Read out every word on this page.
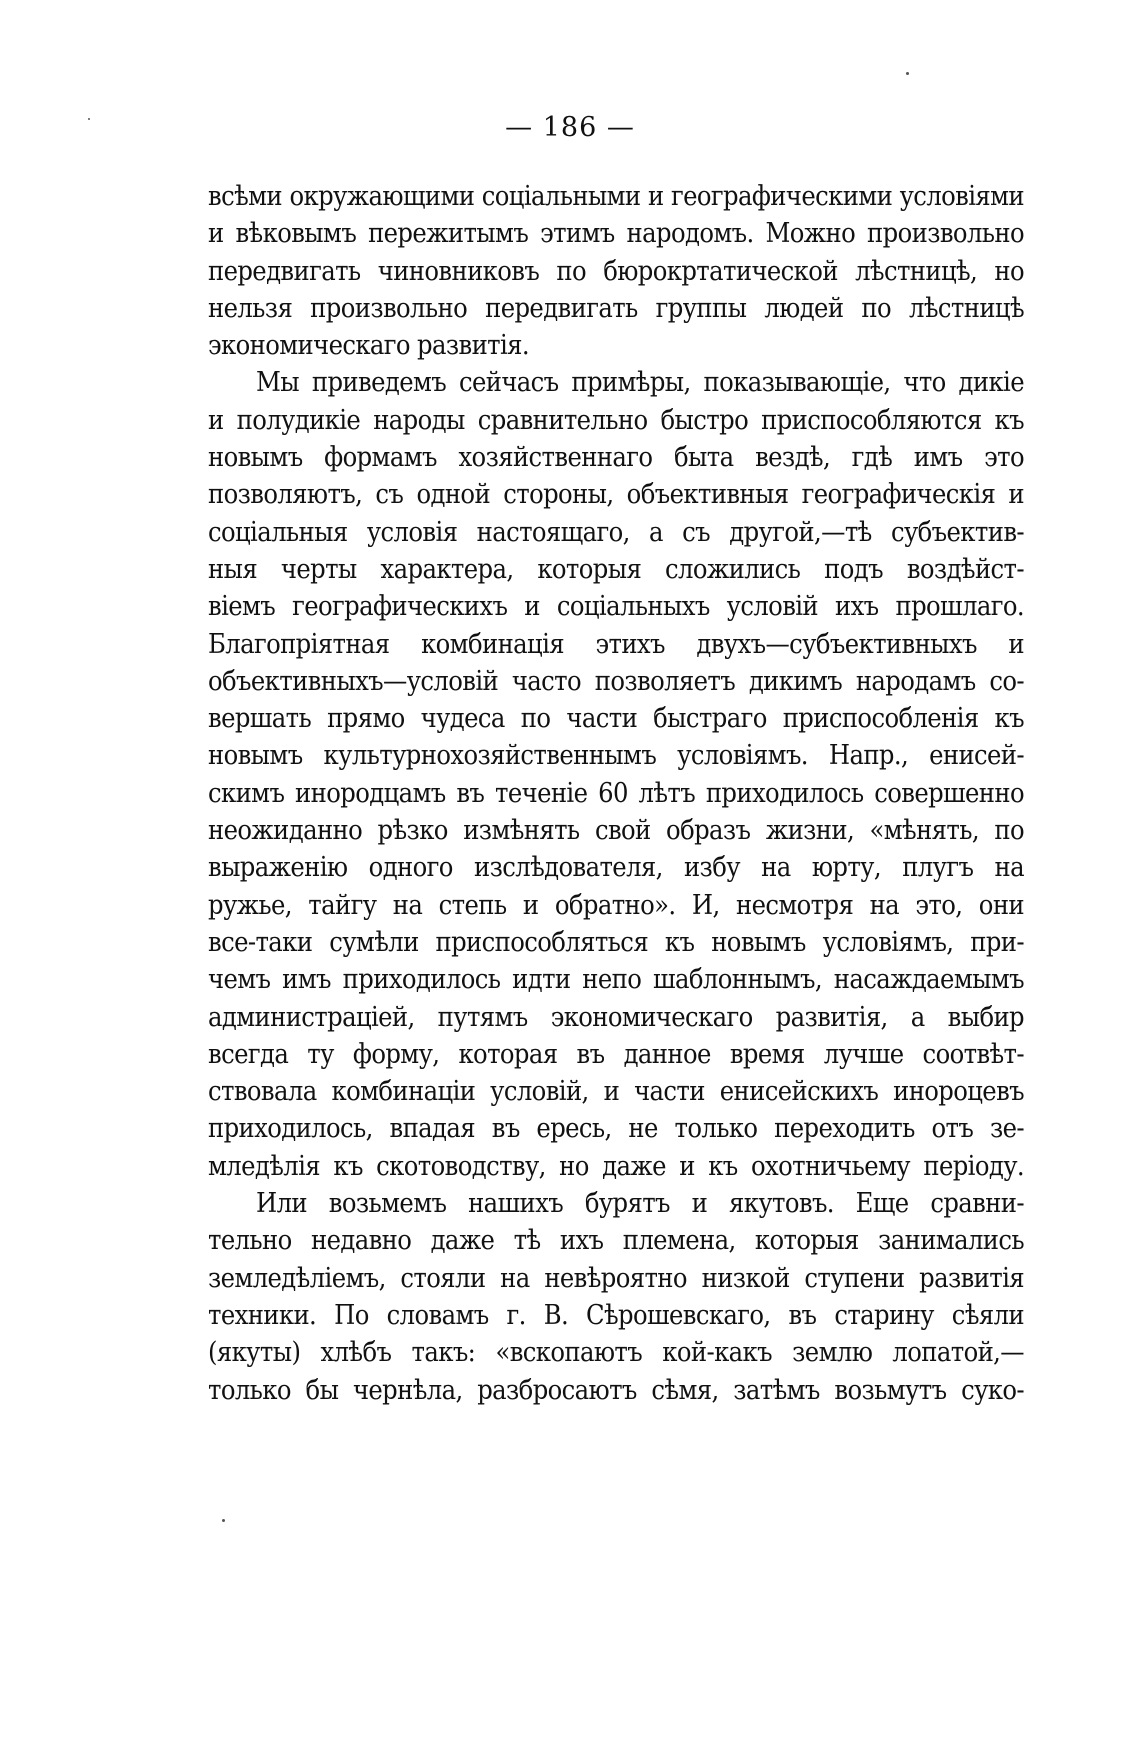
— 186 —
всѣми окружающими соціальными и географическими условіями
и вѣковымъ пережитымъ этимъ народомъ. Можно произвольно
передвигать чиновниковъ по бюрокртатической лѣстницѣ, но
нельзя произвольно передвигать группы людей по лѣстницѣ
экономическаго развитія.
Мы приведемъ сейчасъ примѣры, показывающіе, что дикіе
и полудикіе народы сравнительно быстро приспособляются къ
новымъ формамъ хозяйственнаго быта вездѣ, гдѣ имъ это
позволяютъ, съ одной стороны, объективныя географическія и
соціальныя условія настоящаго, а съ другой,—тѣ субъектив-
ныя черты характера, которыя сложились подъ воздѣйст-
віемъ географическихъ и соціальныхъ условій ихъ прошлаго.
Благопріятная комбинація этихъ двухъ—субъективныхъ и
объективныхъ—условій часто позволяетъ дикимъ народамъ со-
вершать прямо чудеса по части быстраго приспособленія къ
новымъ культурнохозяйственнымъ условіямъ. Напр., енисей-
скимъ инородцамъ въ теченіе 60 лѣтъ приходилось совершенно
неожиданно рѣзко измѣнять свой образъ жизни, «мѣнять, по
выраженію одного изслѣдователя, избу на юрту, плугъ на
ружье, тайгу на степь и обратно». И, несмотря на это, они
все-таки сумѣли приспособляться къ новымъ условіямъ, при-
чемъ имъ приходилось идти непо шаблоннымъ, насаждаемымъ
администраціей, путямъ экономическаго развитія, а выбир
всегда ту форму, которая въ данное время лучше соотвѣт-
ствовала комбинаціи условій, и части енисейскихъ инороцевъ
приходилось, впадая въ ересь, не только переходить отъ зе-
мледѣлія къ скотоводству, но даже и къ охотничьему періоду.
Или возьмемъ нашихъ бурятъ и якутовъ. Еще сравни-
тельно недавно даже тѣ ихъ племена, которыя занимались
земледѣліемъ, стояли на невѣроятно низкой ступени развитія
техники. По словамъ г. В. Сѣрошевскаго, въ старину сѣяли
(якуты) хлѣбъ такъ: «вскопаютъ кой-какъ землю лопатой,—
только бы чернѣла, разбросаютъ сѣмя, затѣмъ возьмутъ суко-
